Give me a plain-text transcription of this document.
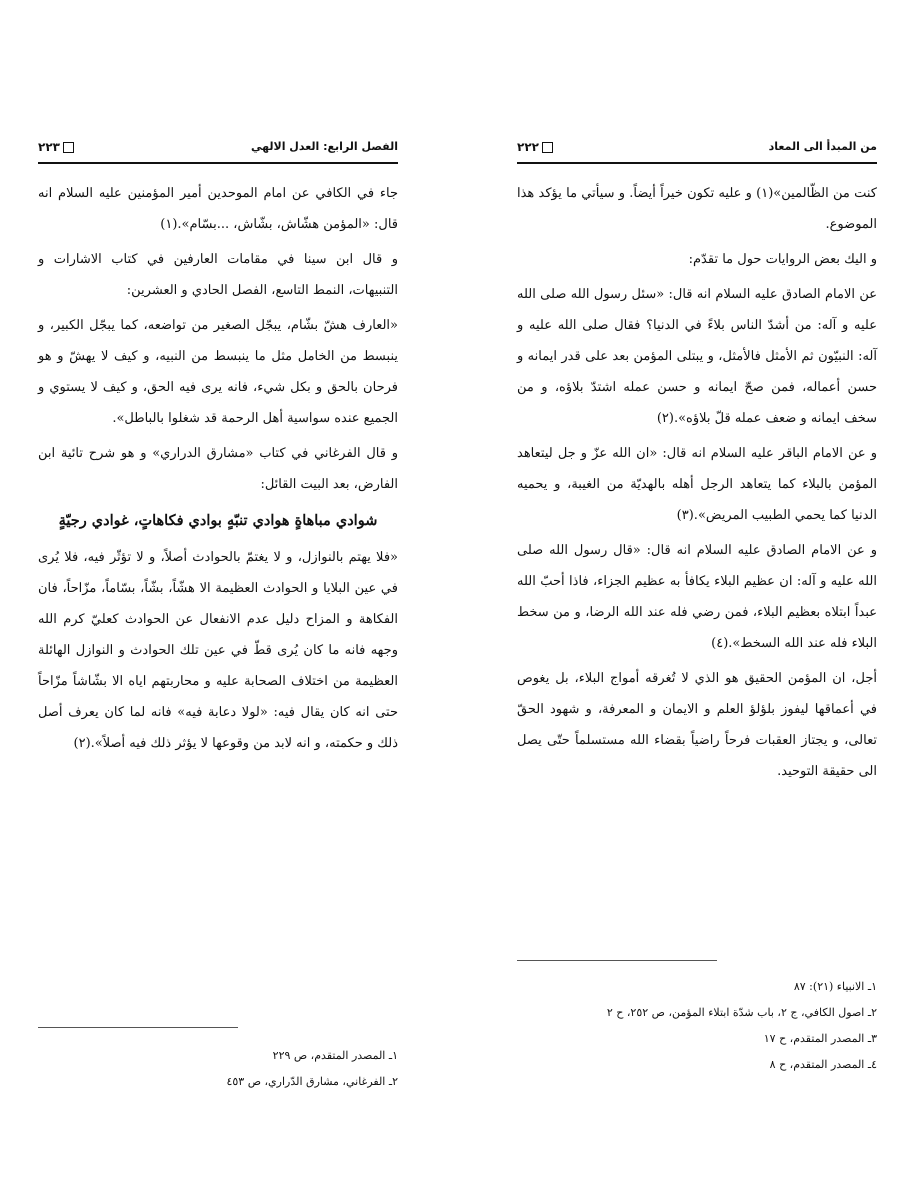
الفصل الرابع: العدل الالهي
۲۲۳

جاء في الكافي عن امام الموحدين أمير المؤمنين عليه السلام انه قال: «المؤمن هشّاش، بشّاش، ...بسّام».(١)

و قال ابن سينا في مقامات العارفين في كتاب الاشارات و التنبيهات، النمط التاسع، الفصل الحادي و العشرين:

«العارف هشّ بشّام، يبجّل الصغير من تواضعه، كما يبجّل الكبير، و ينبسط من الخامل مثل ما ينبسط من النبيه، و كيف لا يهشّ و هو فرحان بالحق و بكل شيء، فانه يرى فيه الحق، و كيف لا يستوي و الجميع عنده سواسية أهل الرحمة قد شغلوا بالباطل».

و قال الفرغاني في كتاب «مشارق الدراري» و هو شرح تائية ابن الفارض، بعد البيت القائل:

شوادي مباهاةٍ هوادي تنبّهٍ بوادي فكاهاتٍ، غوادي رجيّةٍ

«فلا يهتم بالنوازل، و لا يغتمّ بالحوادث أصلاً، و لا تؤثّر فيه، فلا يُرى في عين البلايا و الحوادث العظيمة الا هشّاً، بشّاً، بسّاماً، مزّاحاً، فان الفكاهة و المزاح دليل عدم الانفعال عن الحوادث كعليّ كرم الله وجهه فانه ما كان يُرى قطّ في عين تلك الحوادث و النوازل الهائلة العظيمة من اختلاف الصحابة عليه و محاربتهم اياه الا بشّاشاً مزّاحاً حتى انه كان يقال فيه: «لولا دعابة فيه» فانه لما كان يعرف أصل ذلك و حكمته، و انه لابد من وقوعها لا يؤثر ذلك فيه أصلاً».(٢)

١ـ المصدر المتقدم، ص ٢٢٩

٢ـ الفرغاني، مشارق الدّراري، ص ٤٥٣

من المبدأ الى المعاد
۲۲۲

كنت من الظّالمين»(١) و عليه تكون خيراً أيضاً. و سيأتي ما يؤكد هذا الموضوع.

و اليك بعض الروايات حول ما تقدّم:

عن الامام الصادق عليه السلام انه قال: «سئل رسول الله صلى الله عليه و آله: من أشدّ الناس بلاءً في الدنيا؟ فقال صلى الله عليه و آله: النبيّون ثم الأمثل فالأمثل، و يبتلى المؤمن بعد على قدر ايمانه و حسن أعماله، فمن صحّ ايمانه و حسن عمله اشتدّ بلاؤه، و من سخف ايمانه و ضعف عمله قلّ بلاؤه».(٢)

و عن الامام الباقر عليه السلام انه قال: «ان الله عزّ و جل ليتعاهد المؤمن بالبلاء كما يتعاهد الرجل أهله بالهديّة من الغيبة، و يحميه الدنيا كما يحمي الطبيب المريض».(٣)

و عن الامام الصادق عليه السلام انه قال: «قال رسول الله صلى الله عليه و آله: ان عظيم البلاء يكافأ به عظيم الجزاء، فاذا أحبّ الله عبداً ابتلاه بعظيم البلاء، فمن رضي فله عند الله الرضا، و من سخط البلاء فله عند الله السخط».(٤)

أجل، ان المؤمن الحقيق هو الذي لا تُغرقه أمواج البلاء، بل يغوص في أعماقها ليفوز بلؤلؤ العلم و الايمان و المعرفة، و شهود الحقّ تعالى، و يجتاز العقبات فرحاً راضياً بقضاء الله مستسلماً حتّى يصل الى حقيقة التوحيد.

١ـ الانبياء (٢١): ٨٧

٢ـ اصول الكافي، ج ٢، باب شدّة ابتلاء المؤمن، ص ٢٥٢، ح ٢

٣ـ المصدر المتقدم، ح ١٧

٤ـ المصدر المتقدم، ح ٨
